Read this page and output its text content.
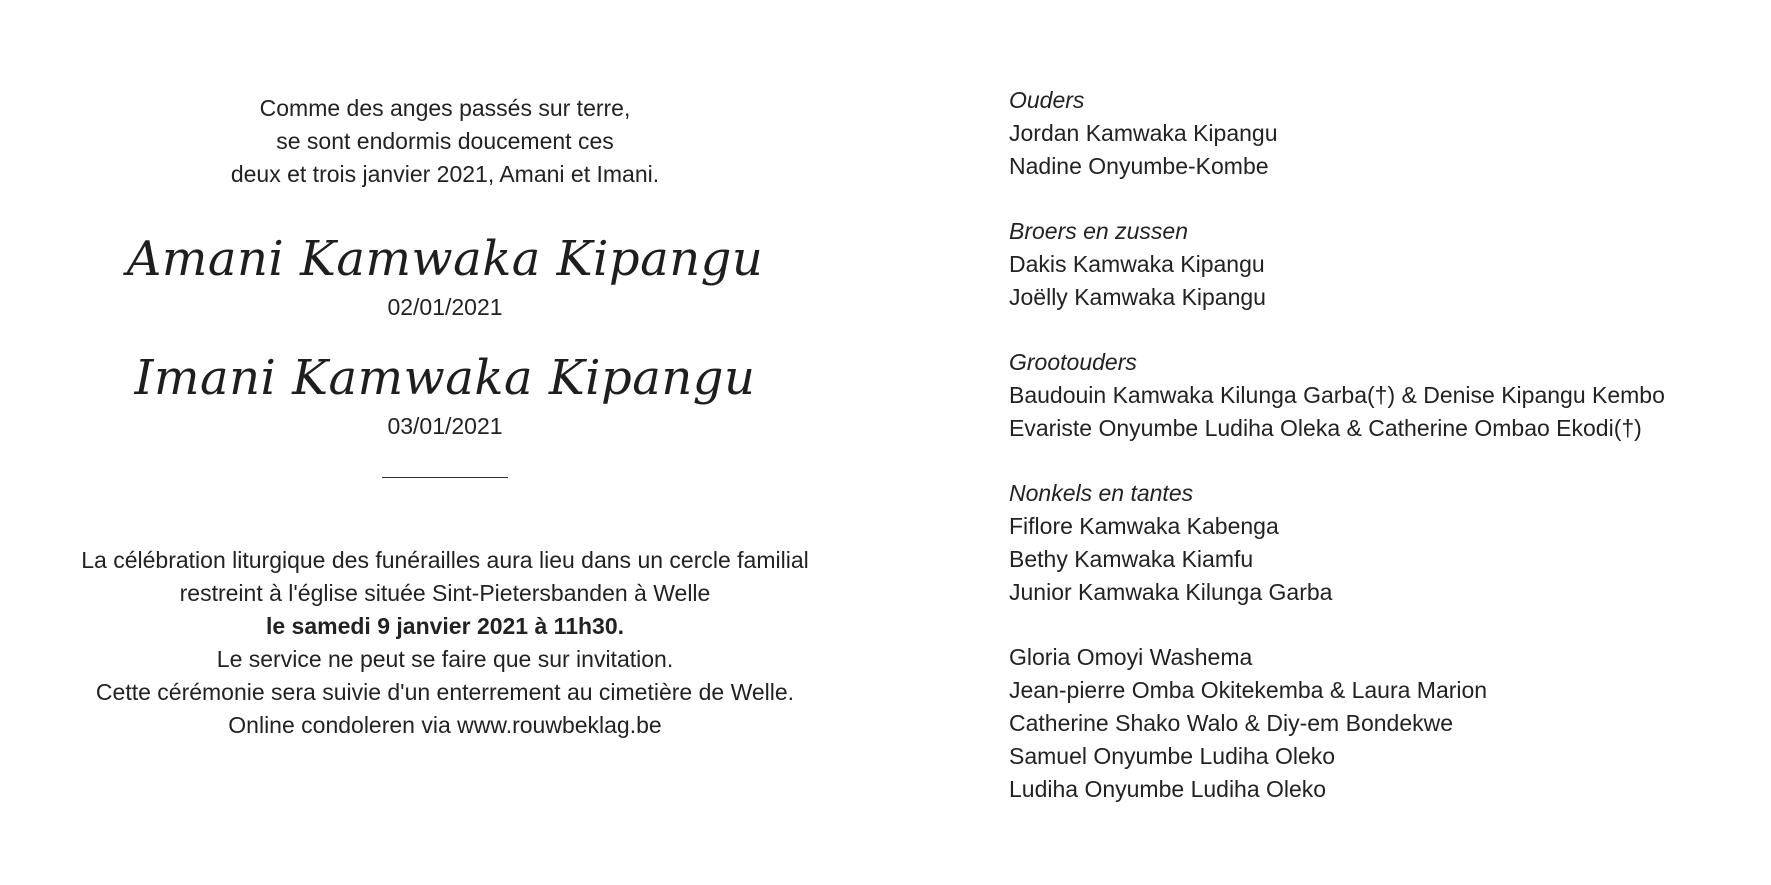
Comme des anges passés sur terre,

se sont endormis doucement ces

deux et trois janvier 2021, Amani et Imani.

Amani Kamwaka Kipangu

02/01/2021

Imani Kamwaka Kipangu

03/01/2021

La célébration liturgique des funérailles aura lieu dans un cercle familial

restreint à l'église située Sint-Pietersbanden à Welle

le samedi 9 janvier 2021 à 11h30.

Le service ne peut se faire que sur invitation.

Cette cérémonie sera suivie d'un enterrement au cimetière de Welle.

Online condoleren via www.rouwbeklag.be

Ouders
Jordan Kamwaka Kipangu
Nadine Onyumbe-Kombe
Broers en zussen
Dakis Kamwaka Kipangu
Joëlly Kamwaka Kipangu
Grootouders
Baudouin Kamwaka Kilunga Garba(†) & Denise Kipangu Kembo
Evariste Onyumbe Ludiha Oleka & Catherine Ombao Ekodi(†)
Nonkels en tantes
Fiflore Kamwaka Kabenga
Bethy Kamwaka Kiamfu
Junior Kamwaka Kilunga Garba
Gloria Omoyi Washema
Jean-pierre Omba Okitekemba & Laura Marion
Catherine Shako Walo & Diy-em Bondekwe
Samuel Onyumbe Ludiha Oleko
Ludiha Onyumbe Ludiha Oleko
